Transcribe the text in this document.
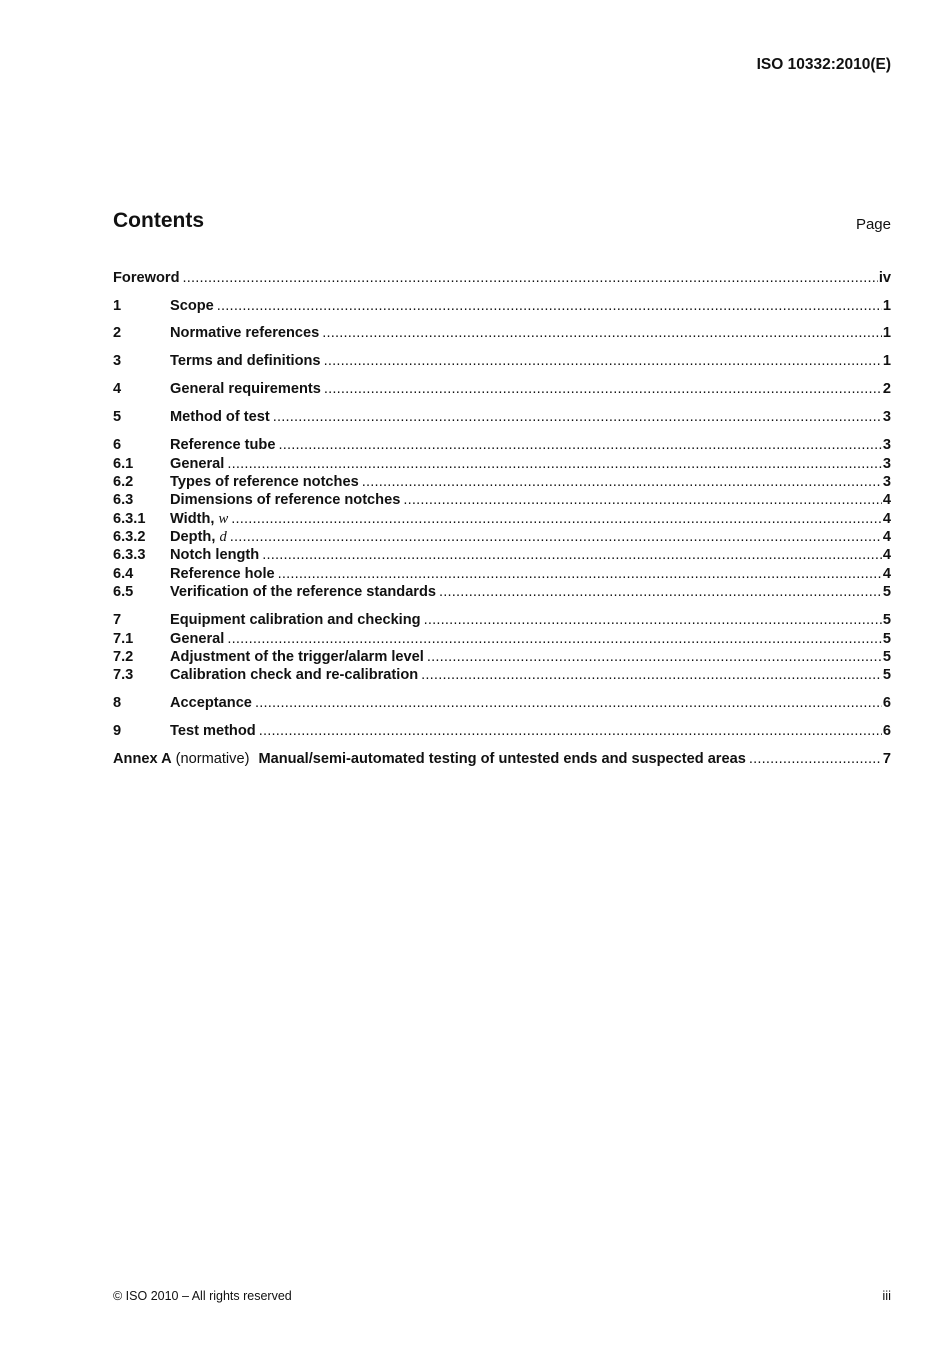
ISO 10332:2010(E)
Contents	Page
Foreword .....	iv
1	Scope .....	1
2	Normative references .....	1
3	Terms and definitions .....	1
4	General requirements .....	2
5	Method of test .....	3
6	Reference tube .....	3
6.1	General .....	3
6.2	Types of reference notches .....	3
6.3	Dimensions of reference notches .....	4
6.3.1	Width, w .....	4
6.3.2	Depth, d .....	4
6.3.3	Notch length .....	4
6.4	Reference hole .....	4
6.5	Verification of the reference standards .....	5
7	Equipment calibration and checking .....	5
7.1	General .....	5
7.2	Adjustment of the trigger/alarm level .....	5
7.3	Calibration check and re-calibration .....	5
8	Acceptance .....	6
9	Test method .....	6
Annex A (normative) Manual/semi-automated testing of untested ends and suspected areas .....	7
© ISO 2010 – All rights reserved	iii
